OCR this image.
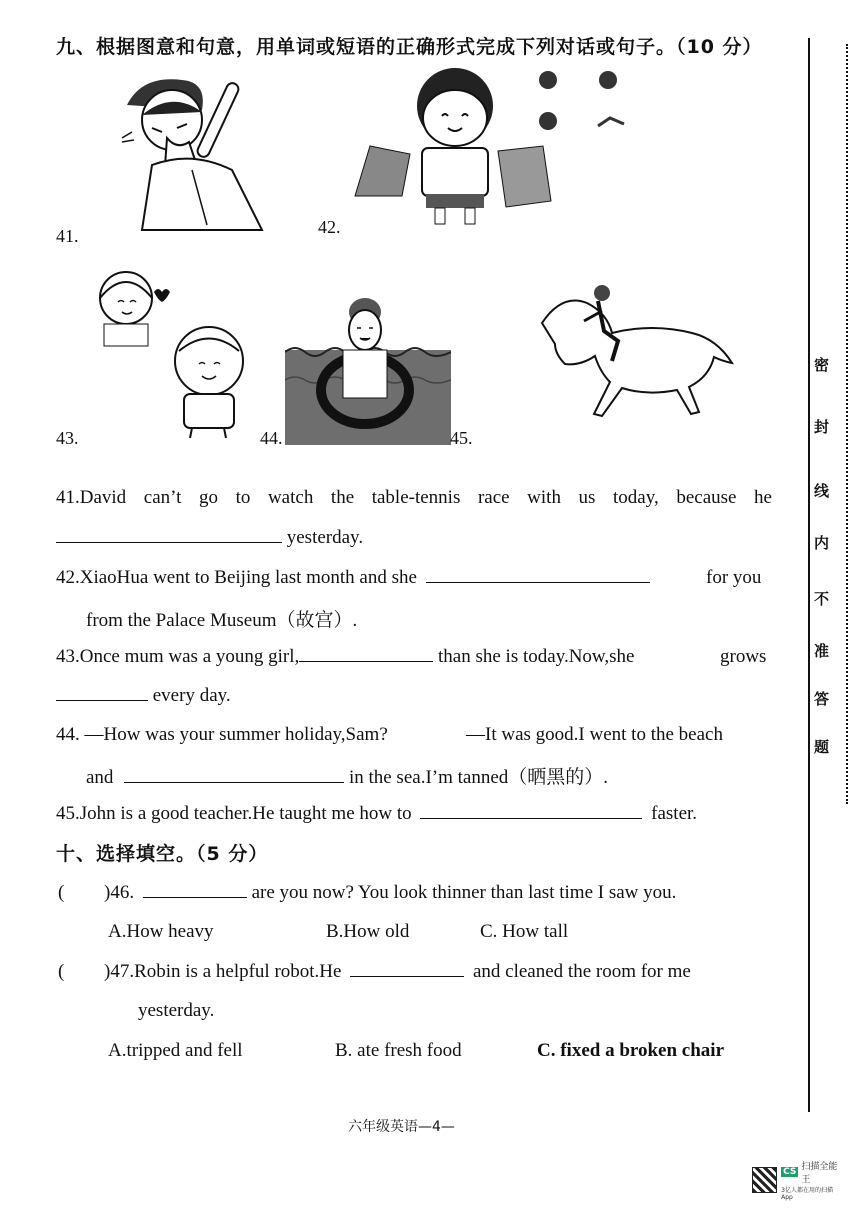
九、根据图意和句意，用单词或短语的正确形式完成下列对话或句子。（10 分）
41.	42.
43.	44.	45.
41.David can’t go to watch the table-tennis race with us today, because he
yesterday.
42.XiaoHua went to Beijing last month and she	for you
from the Palace Museum（故宫）.
43.Once mum was a young girl,	than she is today.Now,she	grows
every day.
44. —How was your summer holiday,Sam?	—It was good.I went to the beach
and	in the sea.I’m tanned（晒黑的）.
45.John is a good teacher.He taught me how to	faster.
十、选择填空。（5 分）
( )46.	are you now? You look thinner than last time I saw you.
A.How heavy	B.How old	C. How tall
( )47.Robin is a helpful robot.He	and cleaned the room for me
yesterday.
A.tripped and fell	B. ate fresh food	C. fixed a broken chair
密
封
线
内
不
准
答
题
六年级英语—4—
CS 扫描全能王
3亿人都在用的扫描App
